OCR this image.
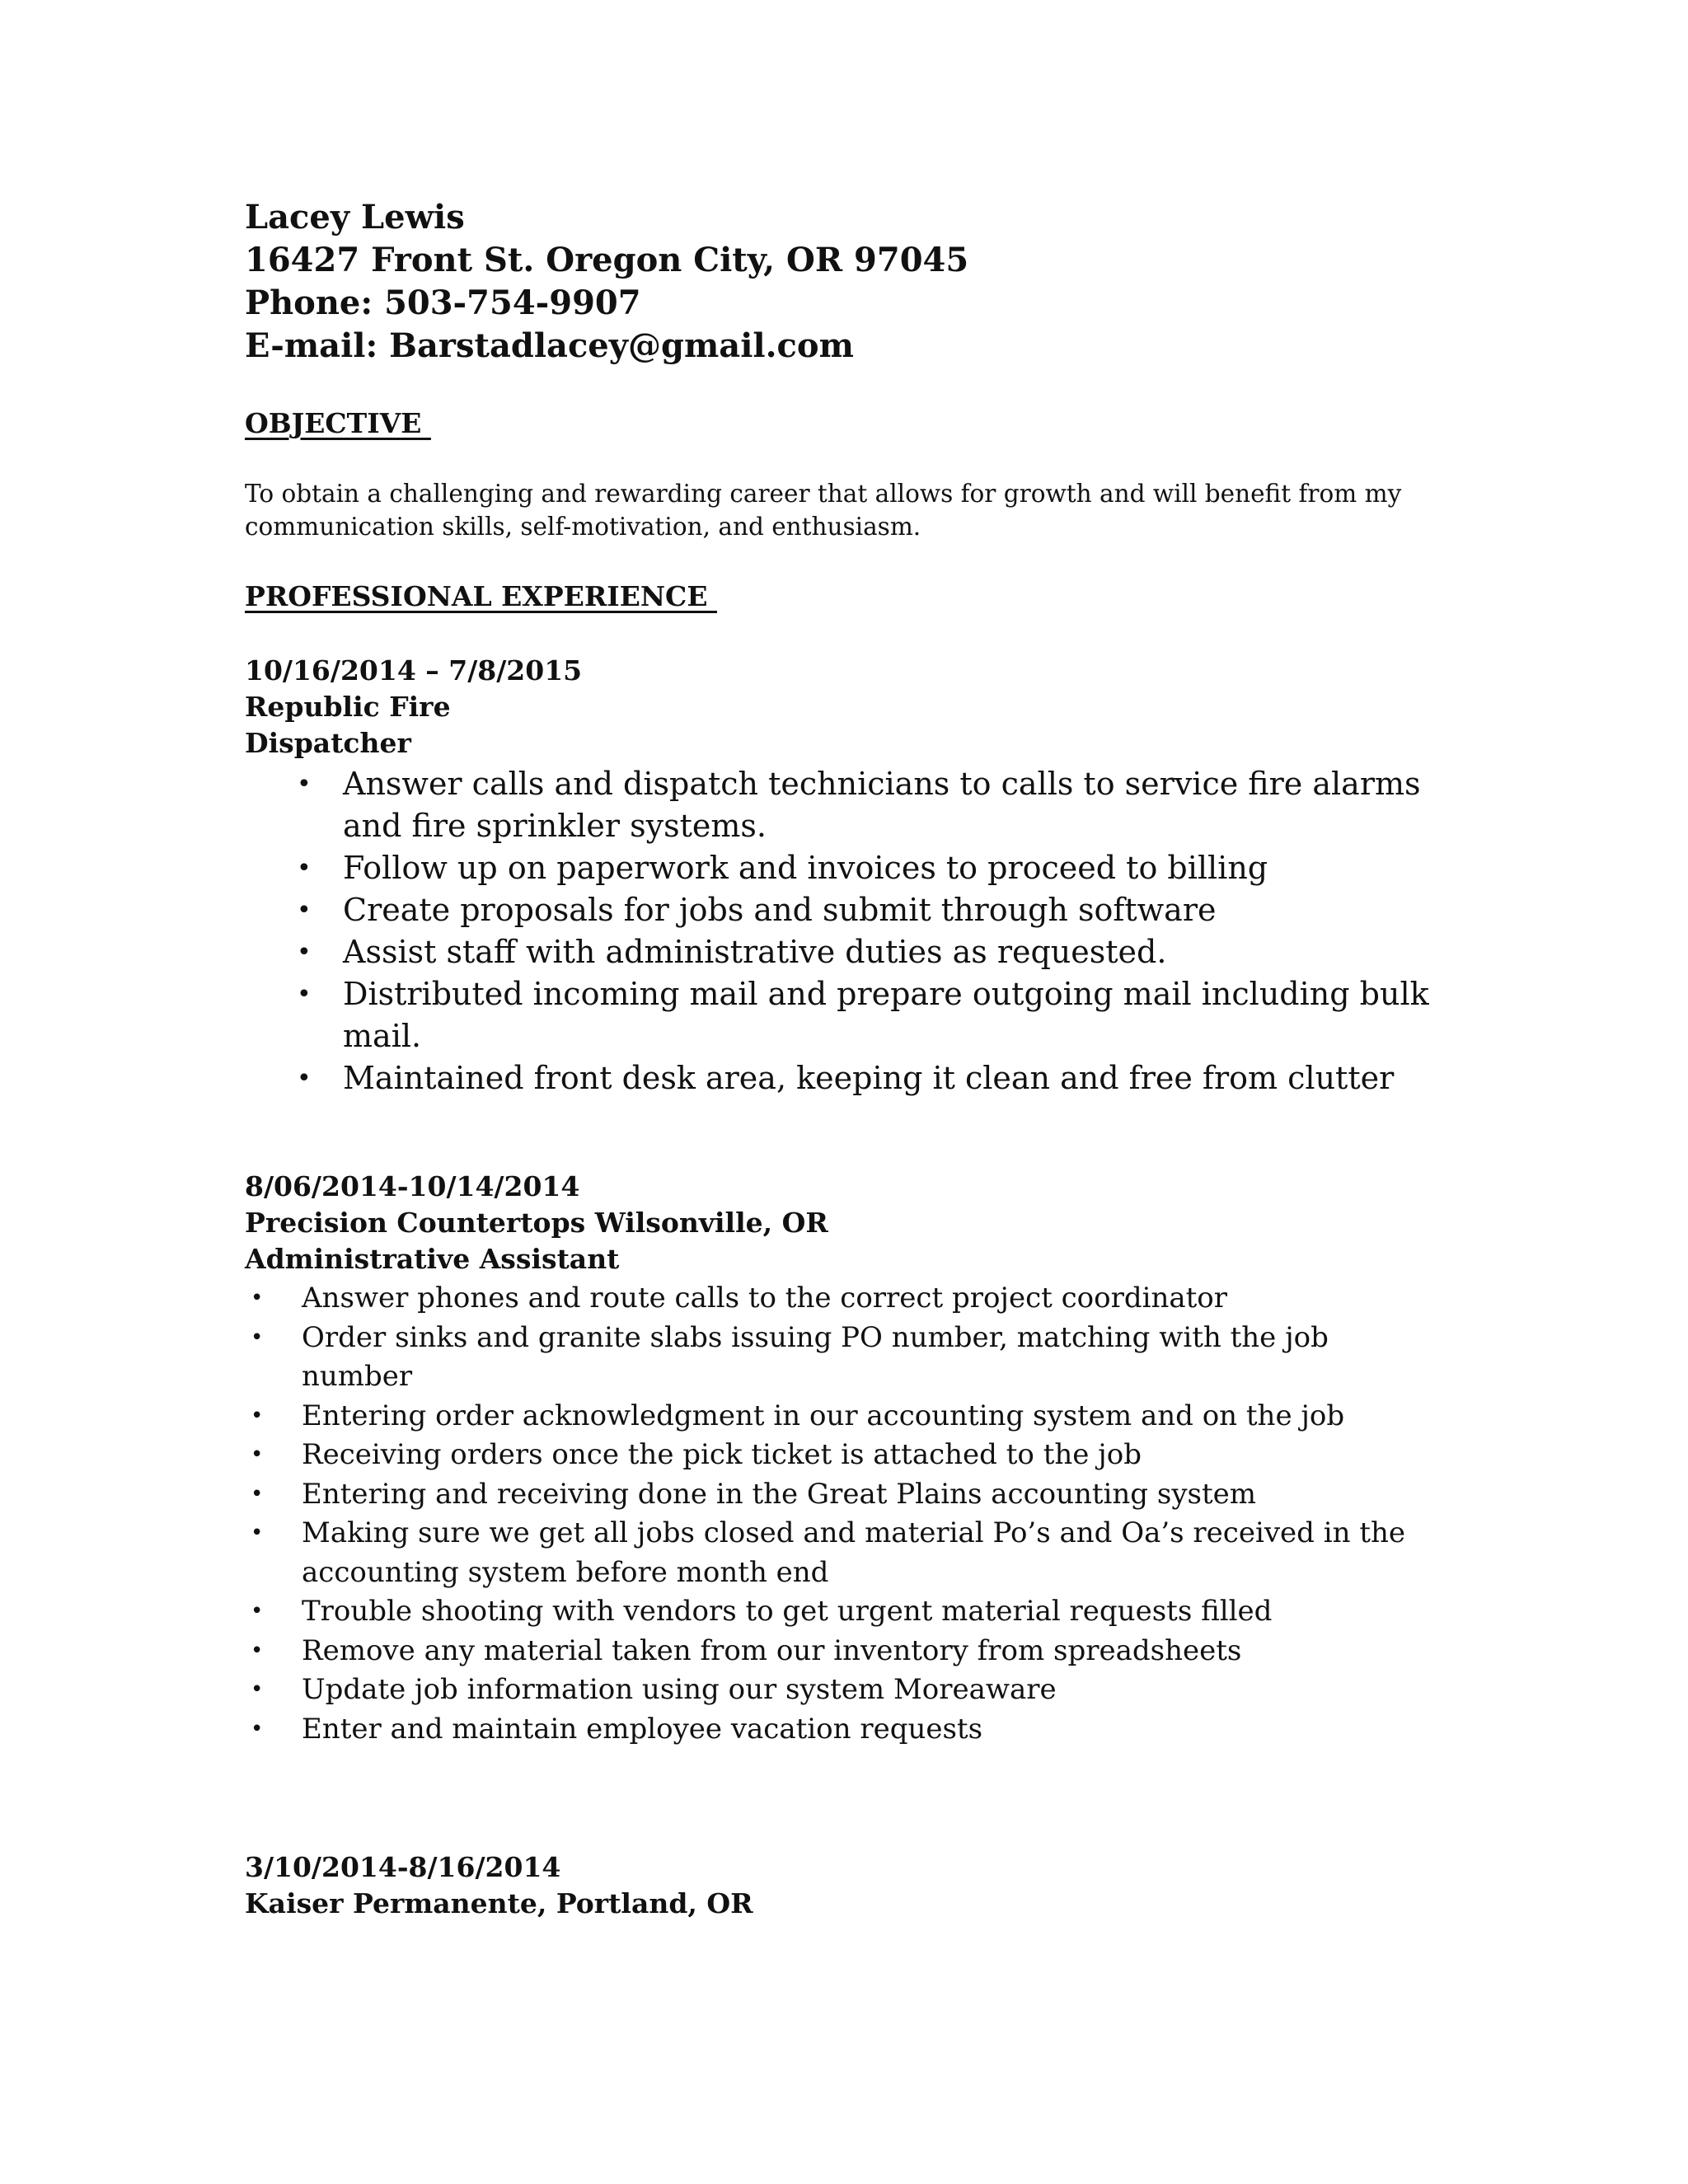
Lacey Lewis
16427 Front St. Oregon City, OR 97045
Phone: 503-754-9907
E-mail: Barstadlacey@gmail.com
OBJECTIVE
To obtain a challenging and rewarding career that allows for growth and will benefit from my communication skills, self-motivation, and enthusiasm.
PROFESSIONAL EXPERIENCE
10/16/2014 – 7/8/2015
Republic Fire
Dispatcher
• Answer calls and dispatch technicians to calls to service fire alarms and fire sprinkler systems.
• Follow up on paperwork and invoices to proceed to billing
• Create proposals for jobs and submit through software
• Assist staff with administrative duties as requested.
• Distributed incoming mail and prepare outgoing mail including bulk mail.
• Maintained front desk area, keeping it clean and free from clutter
8/06/2014-10/14/2014
Precision Countertops Wilsonville, OR
Administrative Assistant
• Answer phones and route calls to the correct project coordinator
• Order sinks and granite slabs issuing PO number, matching with the job number
• Entering order acknowledgment in our accounting system and on the job
• Receiving orders once the pick ticket is attached to the job
• Entering and receiving done in the Great Plains accounting system
• Making sure we get all jobs closed and material Po’s and Oa’s received in the accounting system before month end
• Trouble shooting with vendors to get urgent material requests filled
• Remove any material taken from our inventory from spreadsheets
• Update job information using our system Moreaware
• Enter and maintain employee vacation requests
3/10/2014-8/16/2014
Kaiser Permanente, Portland, OR
